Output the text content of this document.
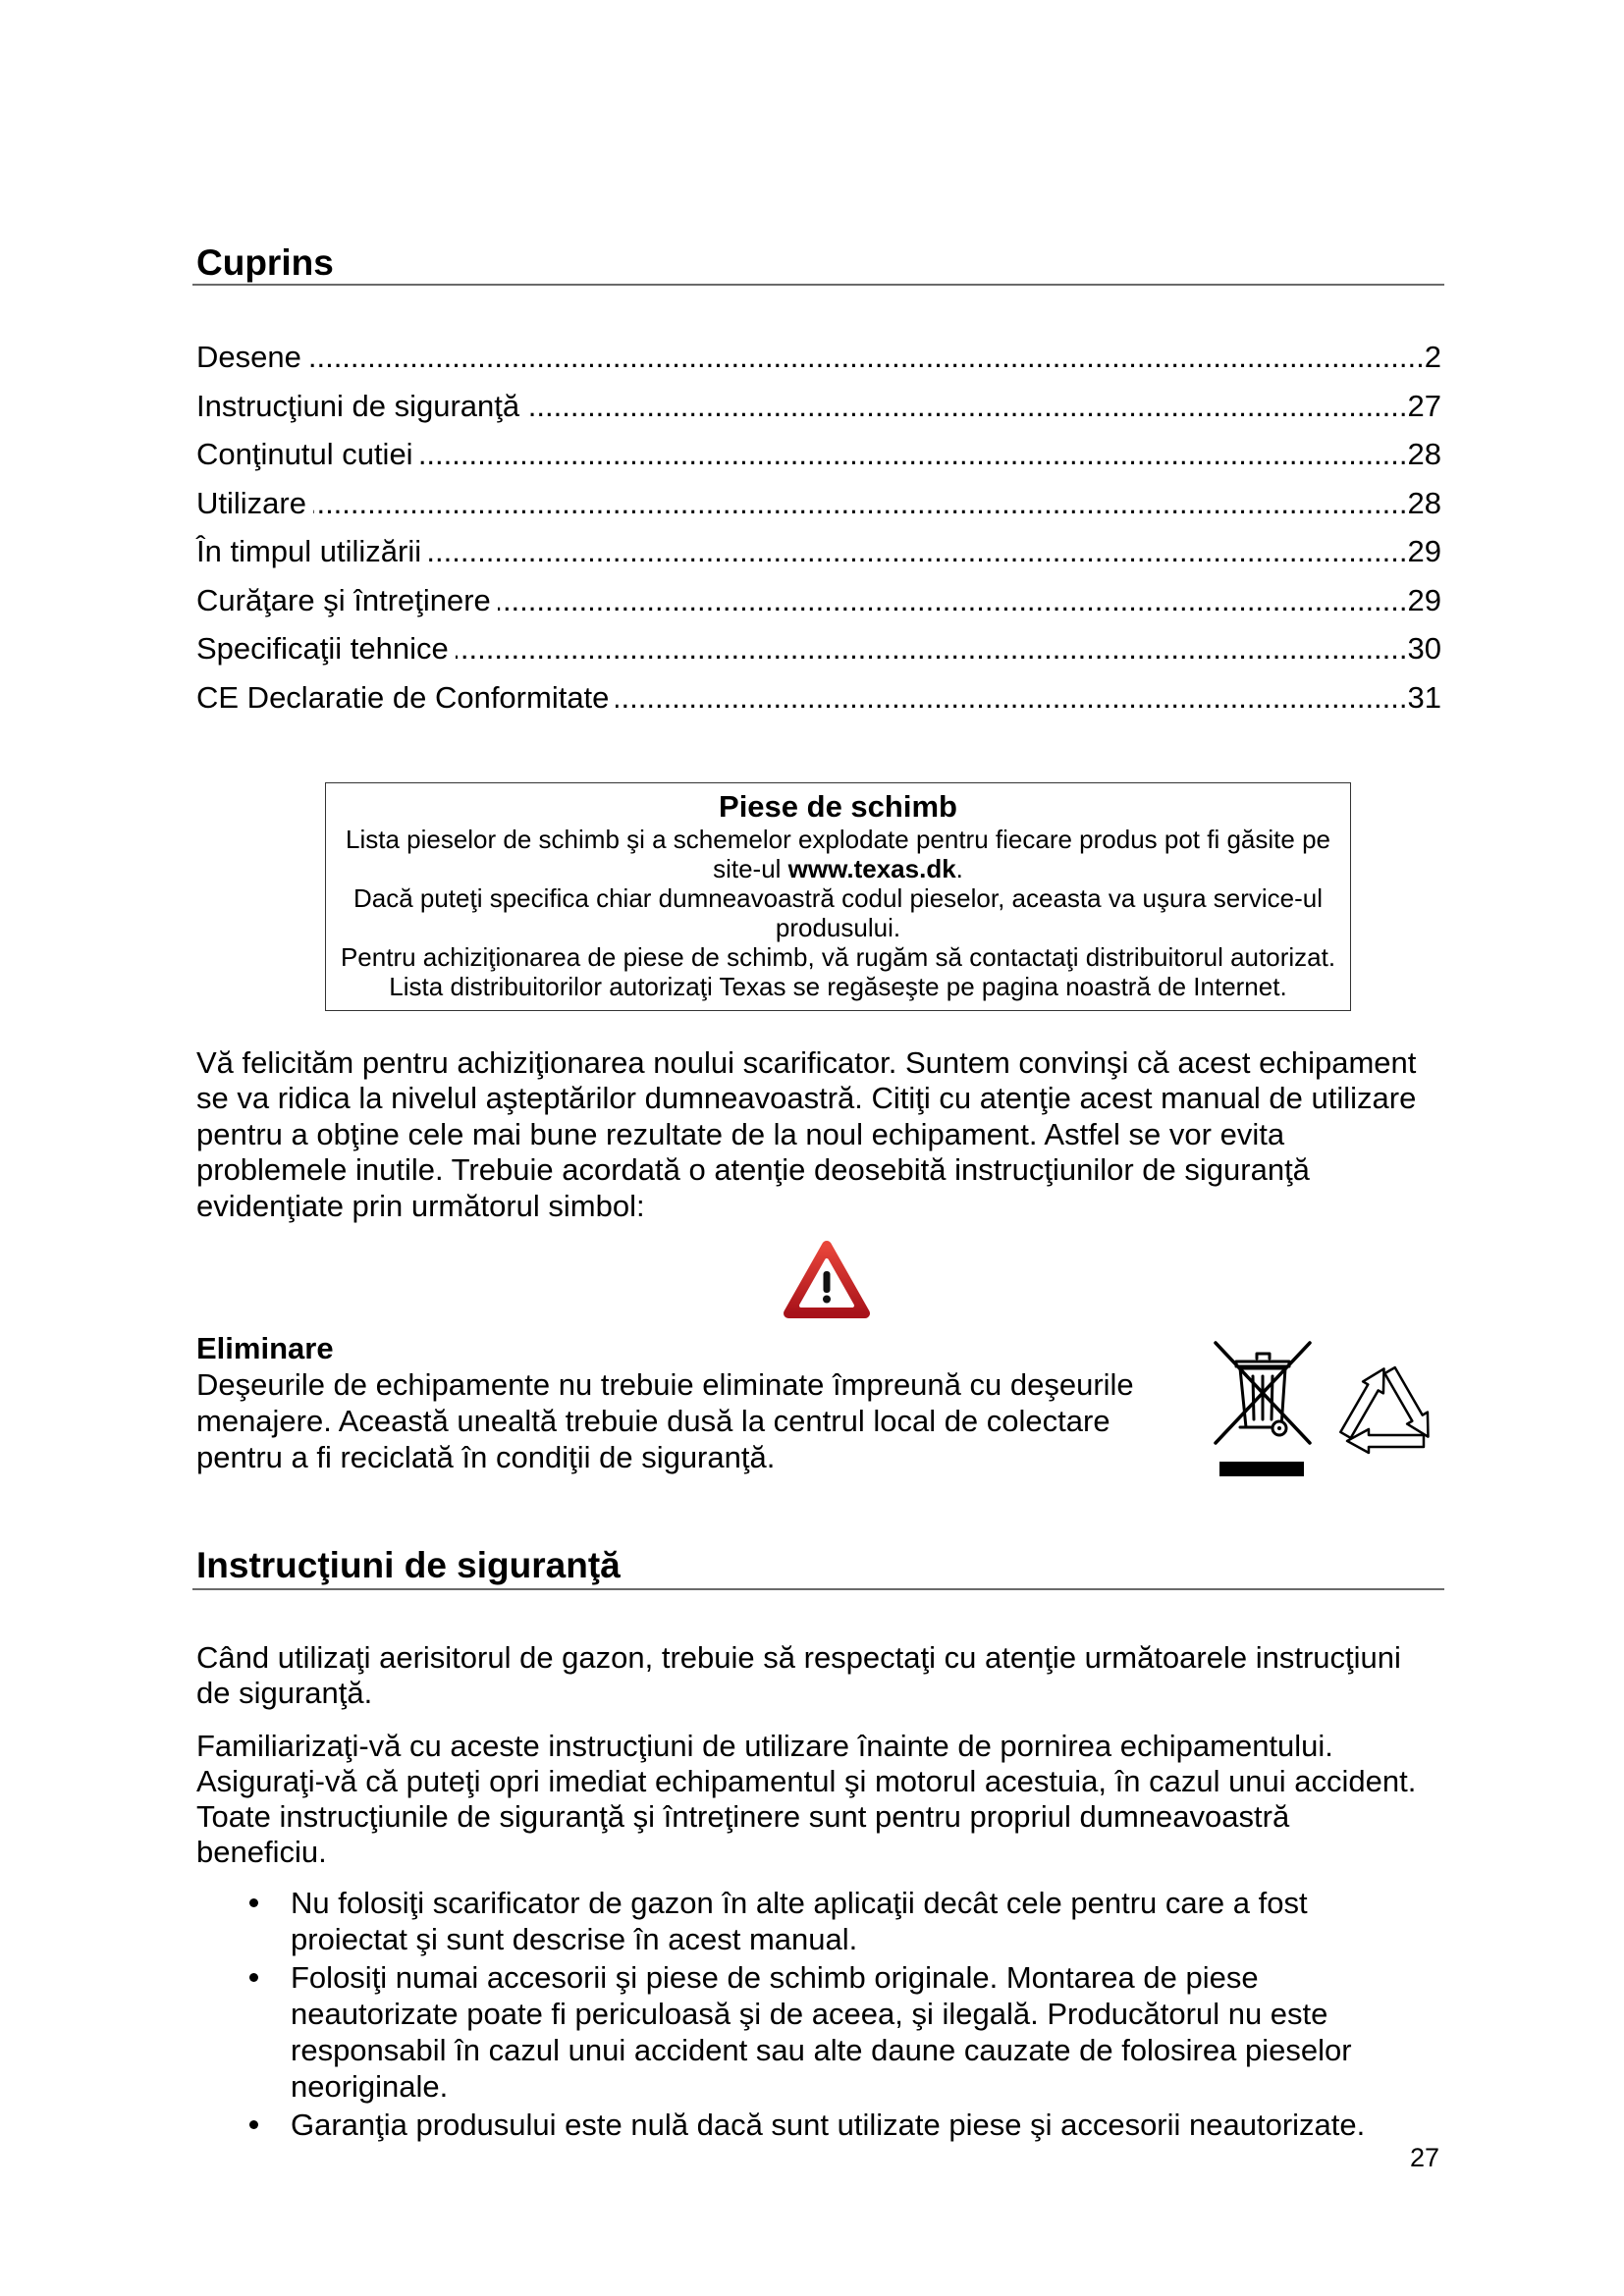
Cuprins
Desene .....	2
Instrucţiuni de siguranţă .....	27
Conţinutul cutiei .....	28
Utilizare .....	28
În timpul utilizării .....	29
Curăţare şi întreţinere .....	29
Specificaţii tehnice .....	30
CE Declaratie de Conformitate .....	31
Piese de schimb
Lista pieselor de schimb şi a schemelor explodate pentru fiecare produs pot fi găsite pe
site-ul www.texas.dk.
Dacă puteţi specifica chiar dumneavoastră codul pieselor, aceasta va uşura service-ul
produsului.
Pentru achiziţionarea de piese de schimb, vă rugăm să contactaţi distribuitorul autorizat.
Lista distribuitorilor autorizaţi Texas se regăseşte pe pagina noastră de Internet.
Vă felicităm pentru achiziţionarea noului scarificator. Suntem convinşi că acest echipament
se va ridica la nivelul aşteptărilor dumneavoastră. Citiţi cu atenţie acest manual de utilizare
pentru a obţine cele mai bune rezultate de la noul echipament. Astfel se vor evita
problemele inutile. Trebuie acordată o atenţie deosebită instrucţiunilor de siguranţă
evidenţiate prin următorul simbol:
Eliminare
Deşeurile de echipamente nu trebuie eliminate împreună cu deşeurile
menajere. Această unealtă trebuie dusă la centrul local de colectare
pentru a fi reciclată în condiţii de siguranţă.
Instrucţiuni de siguranţă
Când utilizaţi aerisitorul de gazon, trebuie să respectaţi cu atenţie următoarele instrucţiuni
de siguranţă.
Familiarizaţi-vă cu aceste instrucţiuni de utilizare înainte de pornirea echipamentului.
Asiguraţi-vă că puteţi opri imediat echipamentul şi motorul acestuia, în cazul unui accident.
Toate instrucţiunile de siguranţă şi întreţinere sunt pentru propriul dumneavoastră
beneficiu.
Nu folosiţi scarificator de gazon în alte aplicaţii decât cele pentru care a fost
proiectat şi sunt descrise în acest manual.
Folosiţi numai accesorii şi piese de schimb originale. Montarea de piese
neautorizate poate fi periculoasă şi de aceea, şi ilegală. Producătorul nu este
responsabil în cazul unui accident sau alte daune cauzate de folosirea pieselor
neoriginale.
Garanţia produsului este nulă dacă sunt utilizate piese şi accesorii neautorizate.
27
